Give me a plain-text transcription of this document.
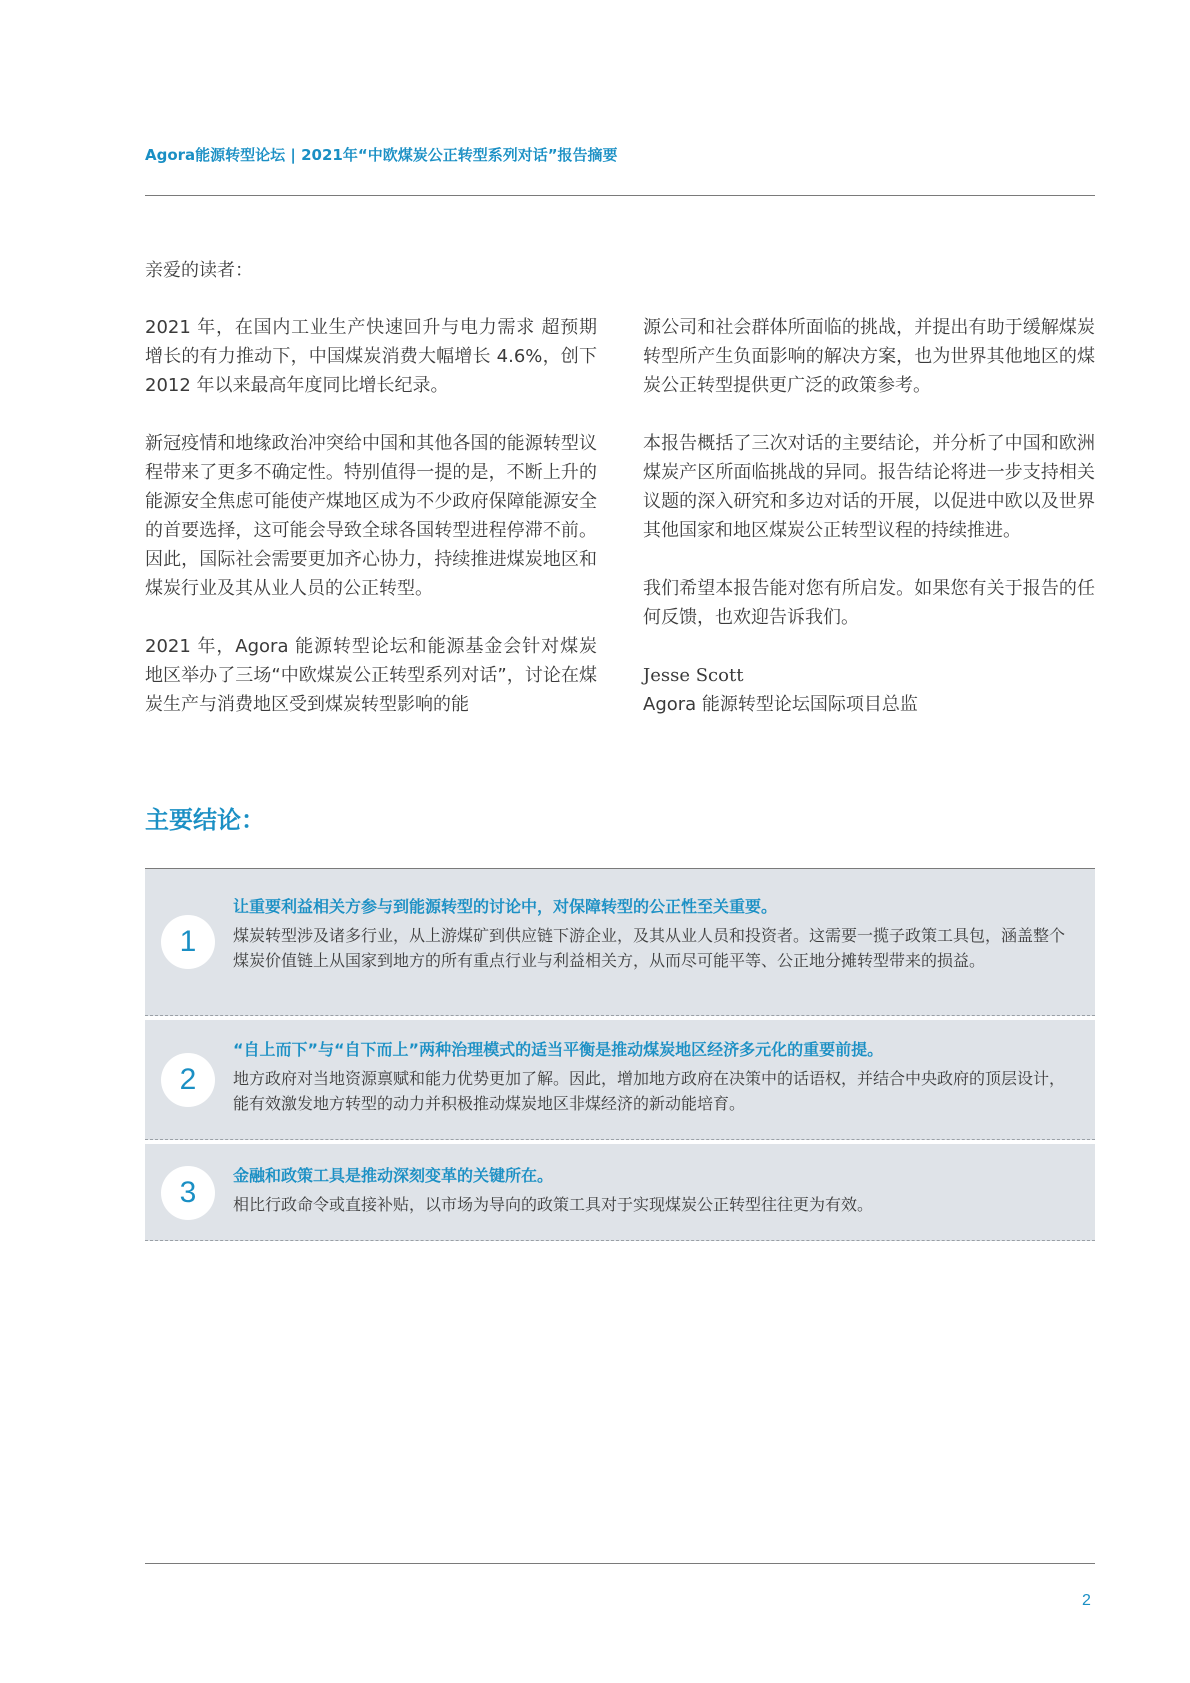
Agora能源转型论坛 | 2021年“中欧煤炭公正转型系列对话”报告摘要
亲爱的读者：

2021 年，在国内工业生产快速回升与电力需求 超预期增长的有力推动下，中国煤炭消费大幅增长 4.6%，创下 2012 年以来最高年度同比增长纪录。

新冠疫情和地缘政治冲突给中国和其他各国的能源转型议程带来了更多不确定性。特别值得一提的是，不断上升的能源安全焦虑可能使产煤地区成为不少政府保障能源安全的首要选择，这可能会导致全球各国转型进程停滞不前。因此，国际社会需要更加齐心协力，持续推进煤炭地区和煤炭行业及其从业人员的公正转型。

2021 年，Agora 能源转型论坛和能源基金会针对煤炭地区举办了三场“中欧煤炭公正转型系列对话”，讨论在煤炭生产与消费地区受到煤炭转型影响的能

源公司和社会群体所面临的挑战，并提出有助于缓解煤炭转型所产生负面影响的解决方案，也为世界其他地区的煤炭公正转型提供更广泛的政策参考。

本报告概括了三次对话的主要结论，并分析了中国和欧洲煤炭产区所面临挑战的异同。报告结论将进一步支持相关议题的深入研究和多边对话的开展，以促进中欧以及世界其他国家和地区煤炭公正转型议程的持续推进。

我们希望本报告能对您有所启发。如果您有关于报告的任何反馈，也欢迎告诉我们。

Jesse Scott
Agora 能源转型论坛国际项目总监
主要结论：
1
让重要利益相关方参与到能源转型的讨论中，对保障转型的公正性至关重要。
煤炭转型涉及诸多行业，从上游煤矿到供应链下游企业，及其从业人员和投资者。这需要一揽子政策工具包，涵盖整个煤炭价值链上从国家到地方的所有重点行业与利益相关方，从而尽可能平等、公正地分摊转型带来的损益。
2
“自上而下”与“自下而上”两种治理模式的适当平衡是推动煤炭地区经济多元化的重要前提。
地方政府对当地资源禀赋和能力优势更加了解。因此，增加地方政府在决策中的话语权，并结合中央政府的顶层设计，能有效激发地方转型的动力并积极推动煤炭地区非煤经济的新动能培育。
3
金融和政策工具是推动深刻变革的关键所在。
相比行政命令或直接补贴，以市场为导向的政策工具对于实现煤炭公正转型往往更为有效。
2
